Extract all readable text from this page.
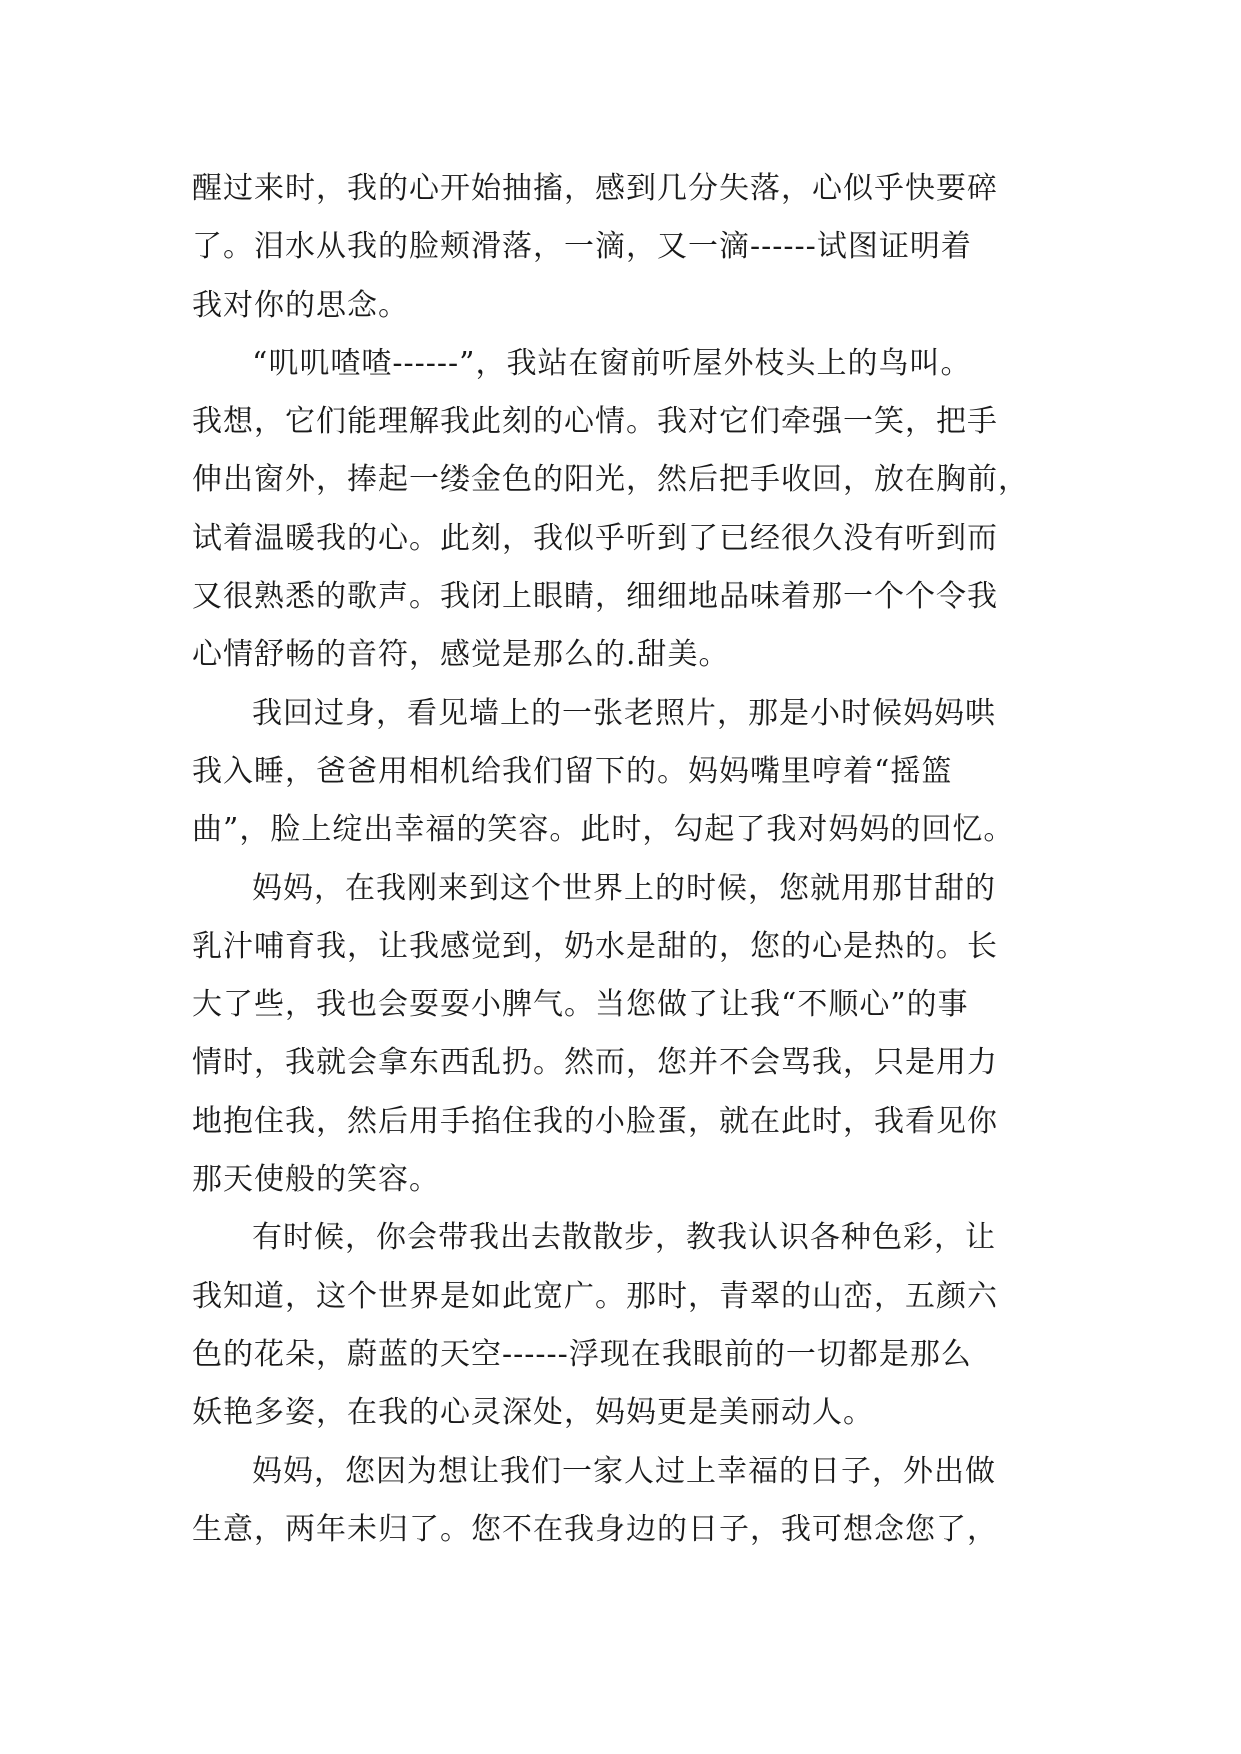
醒过来时，我的心开始抽搐，感到几分失落，心似乎快要碎
了。泪水从我的脸颊滑落，一滴，又一滴------试图证明着
我对你的思念。
“叽叽喳喳------”，我站在窗前听屋外枝头上的鸟叫。
我想，它们能理解我此刻的心情。我对它们牵强一笑，把手
伸出窗外，捧起一缕金色的阳光，然后把手收回，放在胸前，
试着温暖我的心。此刻，我似乎听到了已经很久没有听到而
又很熟悉的歌声。我闭上眼睛，细细地品味着那一个个令我
心情舒畅的音符，感觉是那么的.甜美。
我回过身，看见墙上的一张老照片，那是小时候妈妈哄
我入睡，爸爸用相机给我们留下的。妈妈嘴里哼着“摇篮
曲”，脸上绽出幸福的笑容。此时，勾起了我对妈妈的回忆。
妈妈，在我刚来到这个世界上的时候，您就用那甘甜的
乳汁哺育我，让我感觉到，奶水是甜的，您的心是热的。长
大了些，我也会耍耍小脾气。当您做了让我“不顺心”的事
情时，我就会拿东西乱扔。然而，您并不会骂我，只是用力
地抱住我，然后用手掐住我的小脸蛋，就在此时，我看见你
那天使般的笑容。
有时候，你会带我出去散散步，教我认识各种色彩，让
我知道，这个世界是如此宽广。那时，青翠的山峦，五颜六
色的花朵，蔚蓝的天空------浮现在我眼前的一切都是那么
妖艳多姿，在我的心灵深处，妈妈更是美丽动人。
妈妈，您因为想让我们一家人过上幸福的日子，外出做
生意，两年未归了。您不在我身边的日子，我可想念您了，
